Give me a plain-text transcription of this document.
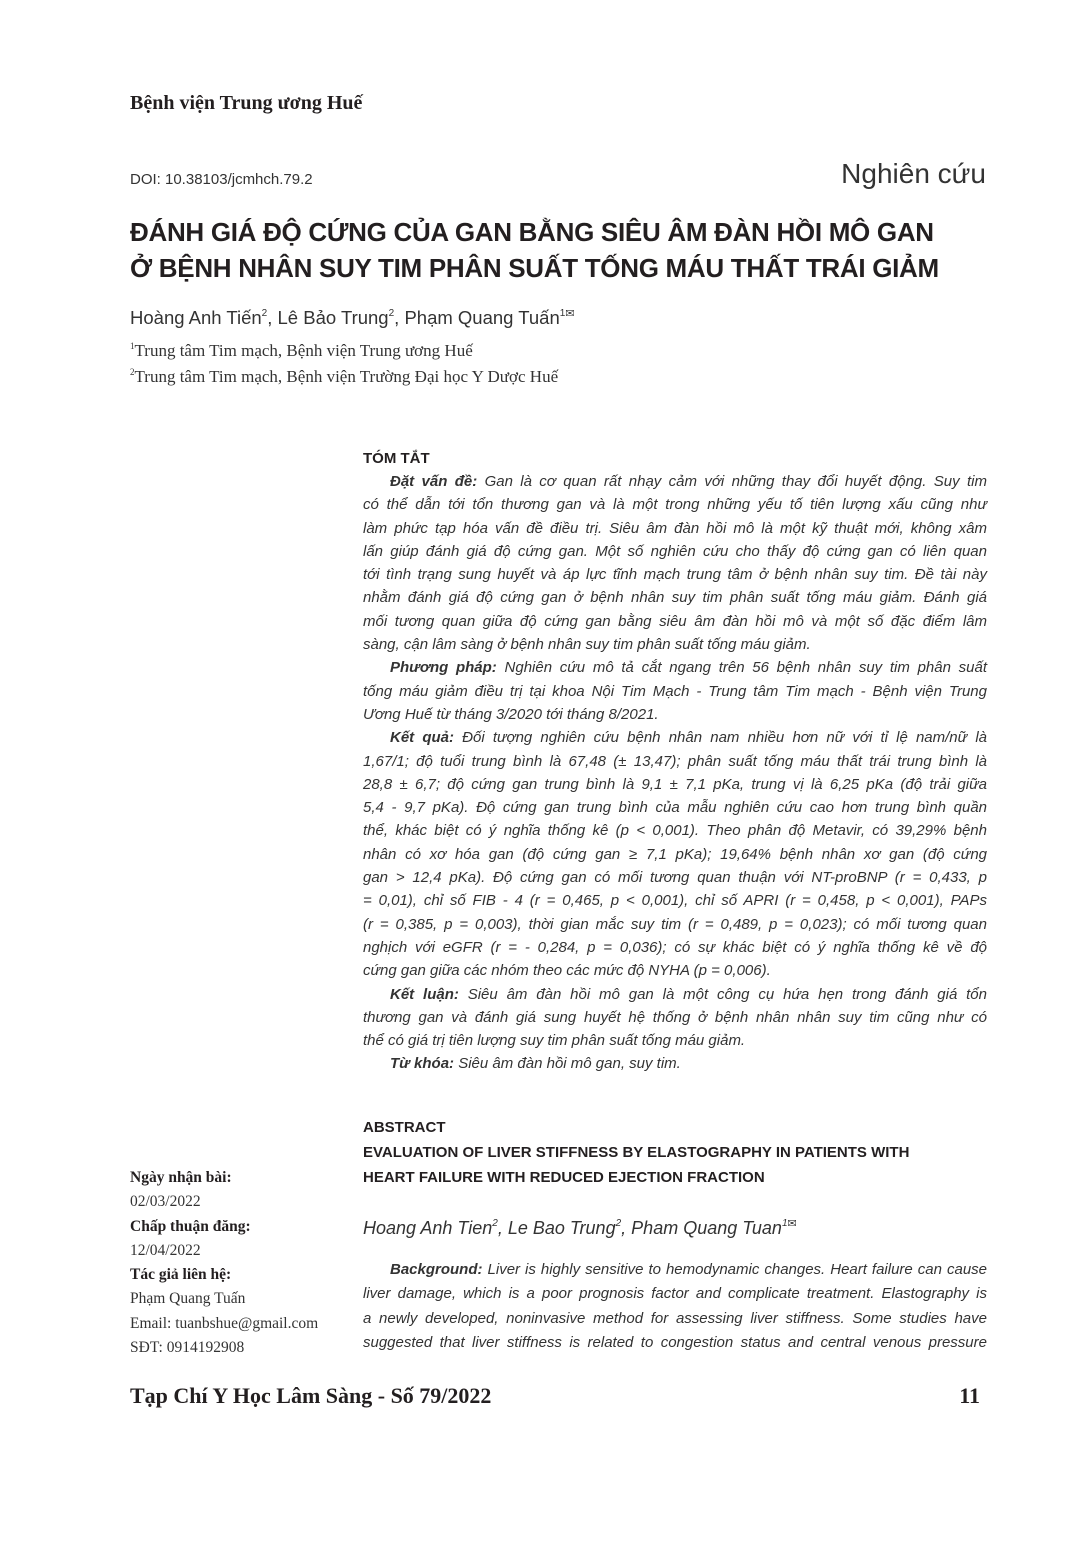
Bệnh viện Trung ương Huế
DOI: 10.38103/jcmhch.79.2	Nghiên cứu
ĐÁNH GIÁ ĐỘ CỨNG CỦA GAN BẰNG SIÊU ÂM ĐÀN HỒI MÔ GAN
Ở BỆNH NHÂN SUY TIM PHÂN SUẤT TỐNG MÁU THẤT TRÁI GIẢM
Hoàng Anh Tiến$^2$, Lê Bảo Trung$^2$, Phạm Quang Tuấn$^{1✉}$
$^1$Trung tâm Tim mạch, Bệnh viện Trung ương Huế
$^2$Trung tâm Tim mạch, Bệnh viện Trường Đại học Y Dược Huế
TÓM TẮT
Đặt vấn đề: Gan là cơ quan rất nhạy cảm với những thay đổi huyết động. Suy tim
có thể dẫn tới tổn thương gan và là một trong những yếu tố tiên lượng xấu cũng như
làm phức tạp hóa vấn đề điều trị. Siêu âm đàn hồi mô là một kỹ thuật mới, không xâm
lấn giúp đánh giá độ cứng gan. Một số nghiên cứu cho thấy độ cứng gan có liên quan
tới tình trạng sung huyết và áp lực tĩnh mạch trung tâm ở bệnh nhân suy tim. Đề tài này
nhằm đánh giá độ cứng gan ở bệnh nhân suy tim phân suất tống máu giảm. Đánh giá
mối tương quan giữa độ cứng gan bằng siêu âm đàn hồi mô và một số đặc điểm lâm
sàng, cận lâm sàng ở bệnh nhân suy tim phân suất tống máu giảm.
Phương pháp: Nghiên cứu mô tả cắt ngang trên 56 bệnh nhân suy tim phân suất
tống máu giảm điều trị tại khoa Nội Tim Mạch - Trung tâm Tim mạch - Bệnh viện Trung
Ương Huế từ tháng 3/2020 tới tháng 8/2021.
Kết quả: Đối tượng nghiên cứu bệnh nhân nam nhiều hơn nữ với tỉ lệ nam/nữ là
1,67/1; độ tuổi trung bình là 67,48 (± 13,47); phân suất tống máu thất trái trung bình là
28,8 ± 6,7; độ cứng gan trung bình là 9,1 ± 7,1 pKa, trung vị là 6,25 pKa (độ trải giữa
5,4 - 9,7 pKa). Độ cứng gan trung bình của mẫu nghiên cứu cao hơn trung bình quần
thể, khác biệt có ý nghĩa thống kê (p < 0,001). Theo phân độ Metavir, có 39,29% bệnh
nhân có xơ hóa gan (độ cứng gan ≥ 7,1 pKa); 19,64% bệnh nhân xơ gan (độ cứng
gan > 12,4 pKa). Độ cứng gan có mối tương quan thuận với NT-proBNP (r = 0,433, p
= 0,01), chỉ số FIB - 4 (r = 0,465, p < 0,001), chỉ số APRI (r = 0,458, p < 0,001), PAPs
(r = 0,385, p = 0,003), thời gian mắc suy tim (r = 0,489, p = 0,023); có mối tương quan
nghịch với eGFR (r = - 0,284, p = 0,036); có sự khác biệt có ý nghĩa thống kê về độ
cứng gan giữa các nhóm theo các mức độ NYHA (p = 0,006).
Kết luận: Siêu âm đàn hồi mô gan là một công cụ hứa hẹn trong đánh giá tổn
thương gan và đánh giá sung huyết hệ thống ở bệnh nhân nhân suy tim cũng như có
thể có giá trị tiên lượng suy tim phân suất tống máu giảm.
Từ khóa: Siêu âm đàn hồi mô gan, suy tim.
Ngày nhận bài:
02/03/2022
Chấp thuận đăng:
12/04/2022
Tác giả liên hệ:
Phạm Quang Tuấn
Email: tuanbshue@gmail.com
SĐT: 0914192908
ABSTRACT
EVALUATION OF LIVER STIFFNESS BY ELASTOGRAPHY IN PATIENTS WITH
HEART FAILURE WITH REDUCED EJECTION FRACTION
Hoang Anh Tien$^2$, Le Bao Trung$^2$, Pham Quang Tuan$^{1✉}$
Background: Liver is highly sensitive to hemodynamic changes. Heart failure can cause
liver damage, which is a poor prognosis factor and complicate treatment. Elastography is
a newly developed, noninvasive method for assessing liver stiffness. Some studies have
suggested that liver stiffness is related to congestion status and central venous pressure
Tạp Chí Y Học Lâm Sàng - Số 79/2022	11
